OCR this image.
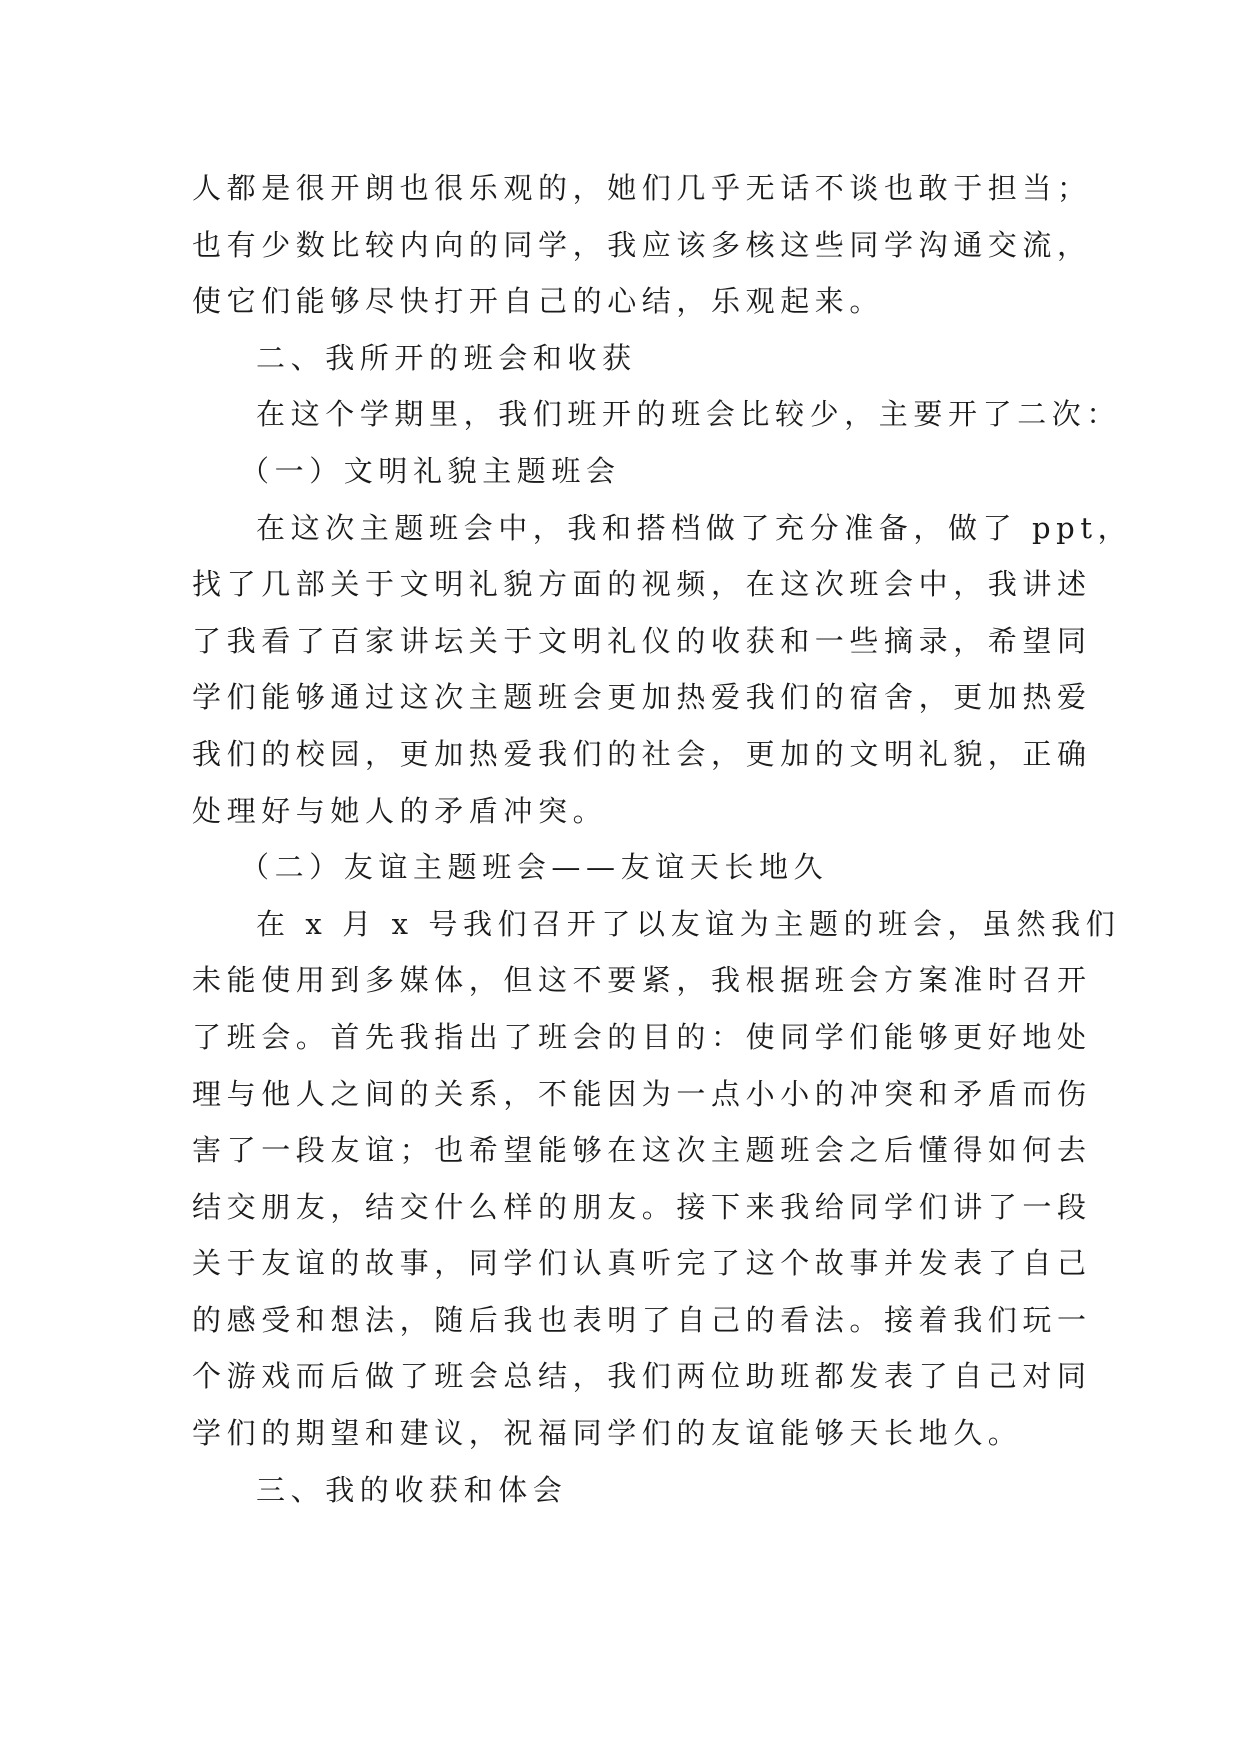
人都是很开朗也很乐观的，她们几乎无话不谈也敢于担当；
也有少数比较内向的同学，我应该多核这些同学沟通交流，
使它们能够尽快打开自己的心结，乐观起来。
二、我所开的班会和收获
在这个学期里，我们班开的班会比较少，主要开了二次：
（一）文明礼貌主题班会
在这次主题班会中，我和搭档做了充分准备，做了 ppt，
找了几部关于文明礼貌方面的视频，在这次班会中，我讲述
了我看了百家讲坛关于文明礼仪的收获和一些摘录，希望同
学们能够通过这次主题班会更加热爱我们的宿舍，更加热爱
我们的校园，更加热爱我们的社会，更加的文明礼貌，正确
处理好与她人的矛盾冲突。
（二）友谊主题班会——友谊天长地久
在 x 月 x 号我们召开了以友谊为主题的班会，虽然我们
未能使用到多媒体，但这不要紧，我根据班会方案准时召开
了班会。首先我指出了班会的目的：使同学们能够更好地处
理与他人之间的关系，不能因为一点小小的冲突和矛盾而伤
害了一段友谊；也希望能够在这次主题班会之后懂得如何去
结交朋友，结交什么样的朋友。接下来我给同学们讲了一段
关于友谊的故事，同学们认真听完了这个故事并发表了自己
的感受和想法，随后我也表明了自己的看法。接着我们玩一
个游戏而后做了班会总结，我们两位助班都发表了自己对同
学们的期望和建议，祝福同学们的友谊能够天长地久。
三、我的收获和体会
